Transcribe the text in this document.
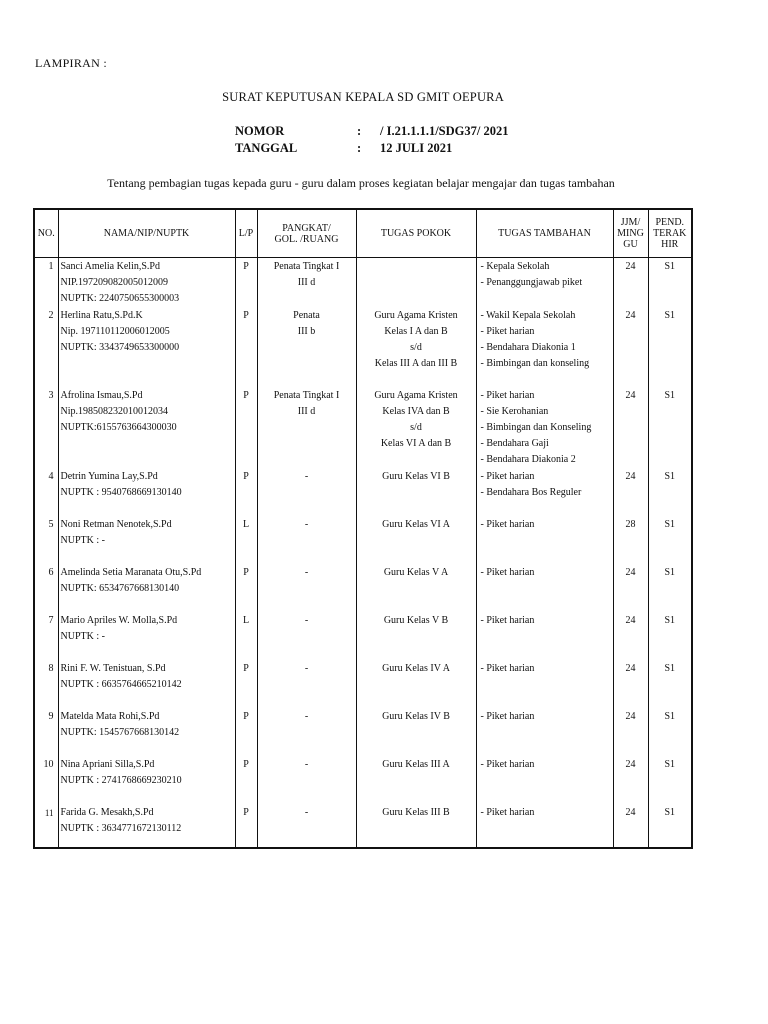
LAMPIRAN :
SURAT KEPUTUSAN KEPALA SD GMIT OEPURA
NOMOR	: / I.21.1.1.1/SDG37/ 2021
TANGGAL	: 12 JULI 2021
Tentang pembagian tugas kepada guru - guru dalam proses kegiatan belajar mengajar dan tugas tambahan
NO.	NAMA/NIP/NUPTK	L/P	PANGKAT/
GOL. /RUANG	TUGAS POKOK	TUGAS TAMBAHAN	JJM/
MING
GU	PEND.
TERAK
HIR

1	Sanci Amelia Kelin,S.Pd
NIP.197209082005012009
NUPTK: 2240750655300003	P	Penata Tingkat I
III d		- Kepala Sekolah
- Penanggungjawab piket	24	S1
2	Herlina Ratu,S.Pd.K
Nip. 197110112006012005
NUPTK: 3343749653300000	P	Penata
III b	Guru Agama Kristen
Kelas I A dan B
s/d
Kelas III A dan III B	- Wakil Kepala Sekolah
- Piket harian
- Bendahara Diakonia 1
- Bimbingan dan konseling	24	S1
3	Afrolina Ismau,S.Pd
Nip.198508232010012034
NUPTK:6155763664300030	P	Penata Tingkat I
III d	Guru Agama Kristen
Kelas IVA dan B
s/d
Kelas VI A dan B	- Piket harian
- Sie Kerohanian
- Bimbingan dan Konseling
- Bendahara Gaji
- Bendahara Diakonia 2	24	S1
4	Detrin Yumina Lay,S.Pd
NUPTK : 9540768669130140	P	-	Guru Kelas VI B	- Piket harian
- Bendahara Bos Reguler	24	S1
5	Noni Retman Nenotek,S.Pd
NUPTK : -	L	-	Guru Kelas VI A	- Piket harian	28	S1
6	Amelinda Setia Maranata Otu,S.Pd
NUPTK: 6534767668130140	P	-	Guru Kelas V A	- Piket harian	24	S1
7	Mario Apriles W. Molla,S.Pd
NUPTK : -	L	-	Guru Kelas V B	- Piket harian	24	S1
8	Rini F. W. Tenistuan, S.Pd
NUPTK : 6635764665210142	P	-	Guru Kelas IV A	- Piket harian	24	S1
9	Matelda Mata Rohi,S.Pd
NUPTK: 1545767668130142	P	-	Guru Kelas IV B	- Piket harian	24	S1
10	Nina Apriani Silla,S.Pd
NUPTK : 2741768669230210	P	-	Guru Kelas III A	- Piket harian	24	S1
11	Farida G. Mesakh,S.Pd
NUPTK : 3634771672130112	P	-	Guru Kelas III B	- Piket harian	24	S1
